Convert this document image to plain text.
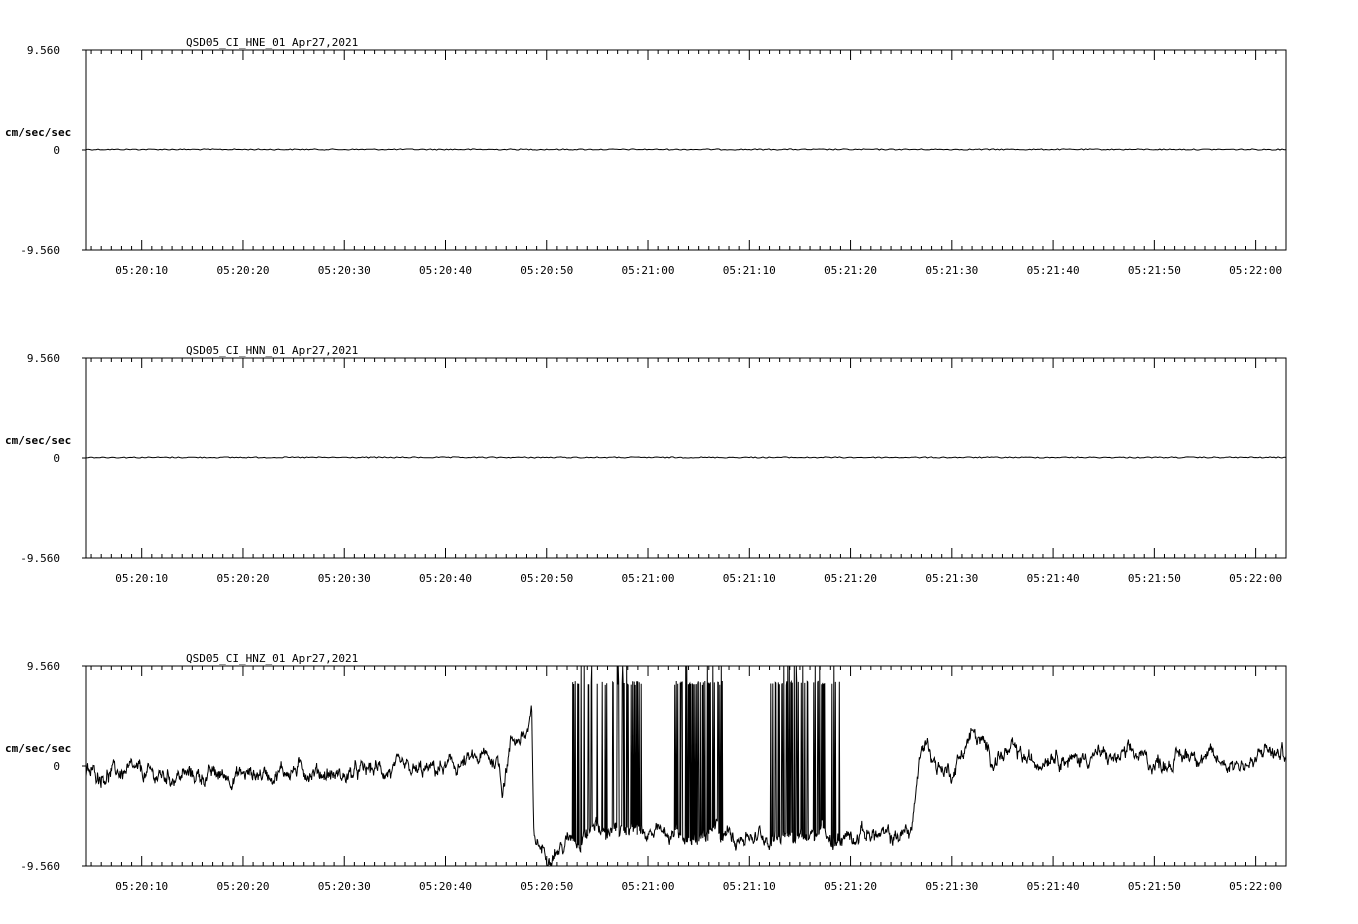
QSD05_CI_HNE_01 Apr27,2021
9.560
0
-9.560
cm/sec/sec
05:20:10	05:20:20	05:20:30	05:20:40	05:20:50	05:21:00	05:21:10	05:21:20	05:21:30	05:21:40	05:21:50	05:22:00
QSD05_CI_HNN_01 Apr27,2021
9.560
0
-9.560
cm/sec/sec
05:20:10	05:20:20	05:20:30	05:20:40	05:20:50	05:21:00	05:21:10	05:21:20	05:21:30	05:21:40	05:21:50	05:22:00
QSD05_CI_HNZ_01 Apr27,2021
9.560
0
-9.560
cm/sec/sec
05:20:10	05:20:20	05:20:30	05:20:40	05:20:50	05:21:00	05:21:10	05:21:20	05:21:30	05:21:40	05:21:50	05:22:00
